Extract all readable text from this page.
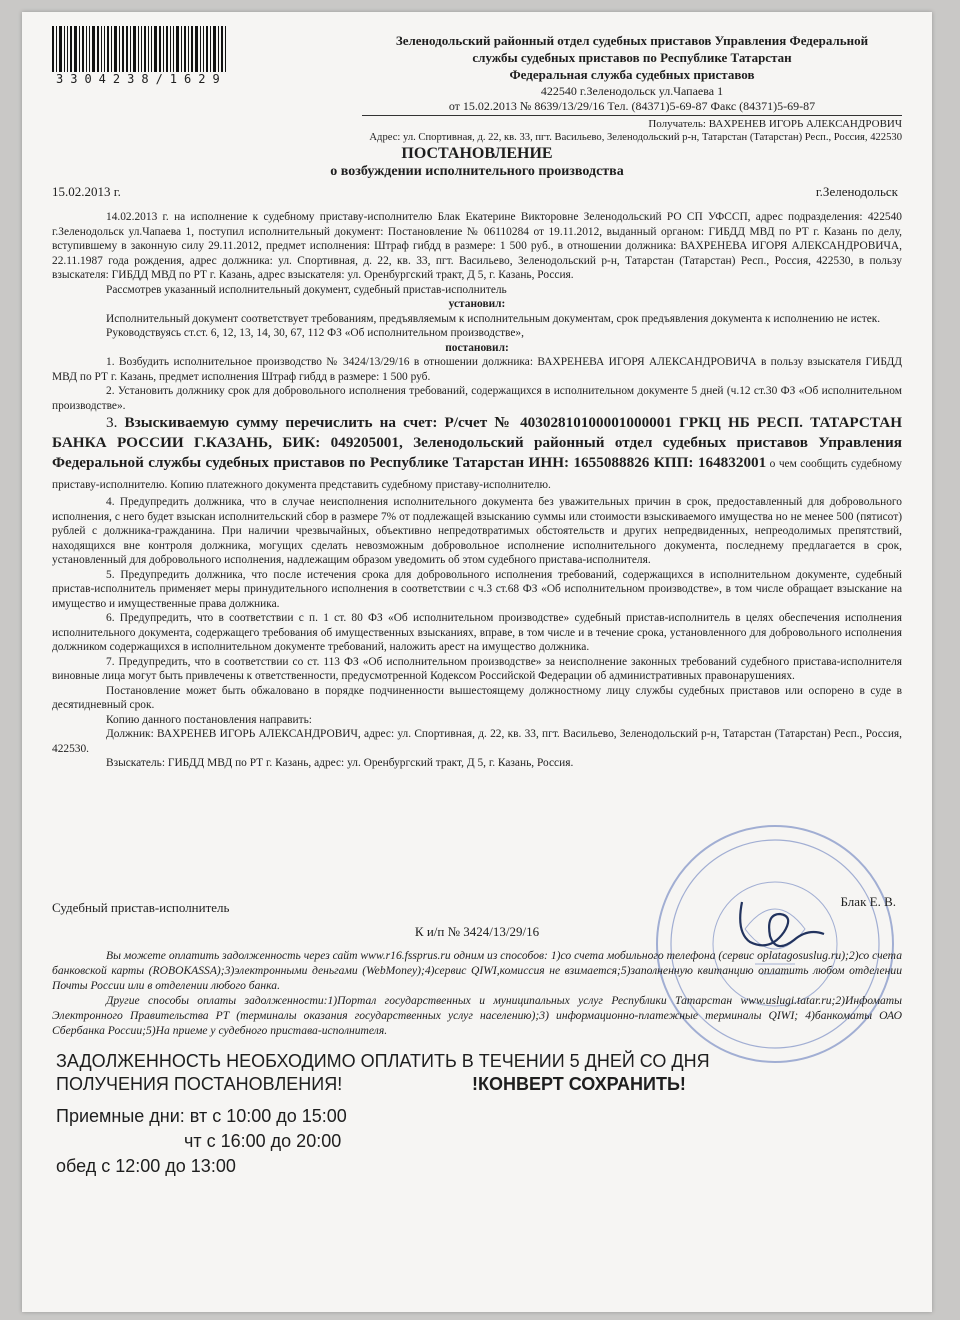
3304238/1629
Зеленодольский районный отдел судебных приставов Управления Федеральной
службы судебных приставов по Республике Татарстан
Федеральная служба судебных приставов
422540 г.Зеленодольск ул.Чапаева 1
от 15.02.2013 № 8639/13/29/16 Тел. (84371)5-69-87 Факс (84371)5-69-87
Получатель: ВАХРЕНЕВ ИГОРЬ АЛЕКСАНДРОВИЧ
Адрес: ул. Спортивная, д. 22, кв. 33, пгт. Васильево, Зеленодольский р-н, Татарстан (Татарстан) Респ., Россия, 422530
ПОСТАНОВЛЕНИЕ
о возбуждении исполнительного производства
15.02.2013 г.	г.Зеленодольск

14.02.2013 г. на исполнение к судебному приставу-исполнителю Блак Екатерине Викторовне Зеленодольский РО СП УФССП, адрес подразделения: 422540 г.Зеленодольск ул.Чапаева 1, поступил исполнительный документ: Постановление № 06110284 от 19.11.2012, выданный органом: ГИБДД МВД по РТ г. Казань по делу, вступившему в законную силу 29.11.2012, предмет исполнения: Штраф гибдд в размере: 1 500 руб., в отношении должника: ВАХРЕНЕВА ИГОРЯ АЛЕКСАНДРОВИЧА, 22.11.1987 года рождения, адрес должника: ул. Спортивная, д. 22, кв. 33, пгт. Васильево, Зеленодольский р-н, Татарстан (Татарстан) Респ., Россия, 422530, в пользу взыскателя: ГИБДД МВД по РТ г. Казань, адрес взыскателя: ул. Оренбургский тракт, Д 5, г. Казань, Россия.

Рассмотрев указанный исполнительный документ, судебный пристав-исполнитель

установил:

Исполнительный документ соответствует требованиям, предъявляемым к исполнительным документам, срок предъявления документа к исполнению не истек.

Руководствуясь ст.ст. 6, 12, 13, 14, 30, 67, 112 ФЗ «Об исполнительном производстве»,

постановил:

1. Возбудить исполнительное производство № 3424/13/29/16 в отношении должника: ВАХРЕНЕВА ИГОРЯ АЛЕКСАНДРОВИЧА в пользу взыскателя ГИБДД МВД по РТ г. Казань, предмет исполнения Штраф гибдд в размере: 1 500 руб.

2. Установить должнику срок для добровольного исполнения требований, содержащихся в исполнительном документе 5 дней (ч.12 ст.30 ФЗ «Об исполнительном производстве».

3. Взыскиваемую сумму перечислить на счет: Р/счет № 40302810100001000001 ГРКЦ НБ РЕСП. ТАТАРСТАН БАНКА РОССИИ Г.КАЗАНЬ, БИК: 049205001, Зеленодольский районный отдел судебных приставов Управления Федеральной службы судебных приставов по Республике Татарстан ИНН: 1655088826 КПП: 164832001 о чем сообщить судебному приставу-исполнителю. Копию платежного документа представить судебному приставу-исполнителю.

4. Предупредить должника, что в случае неисполнения исполнительного документа без уважительных причин в срок, предоставленный для добровольного исполнения, с него будет взыскан исполнительский сбор в размере 7% от подлежащей взысканию суммы или стоимости взыскиваемого имущества но не менее 500 (пятисот) рублей с должника-гражданина. При наличии чрезвычайных, объективно непредотвратимых обстоятельств и других непредвиденных, непреодолимых препятствий, находящихся вне контроля должника, могущих сделать невозможным добровольное исполнение исполнительного документа, последнему предлагается в срок, установленный для добровольного исполнения, надлежащим образом уведомить об этом судебного пристава-исполнителя.

5. Предупредить должника, что после истечения срока для добровольного исполнения требований, содержащихся в исполнительном документе, судебный пристав-исполнитель применяет меры принудительного исполнения в соответствии с ч.3 ст.68 ФЗ «Об исполнительном производстве», в том числе обращает взыскание на имущество и имущественные права должника.

6. Предупредить, что в соответствии с п. 1 ст. 80 ФЗ «Об исполнительном производстве» судебный пристав-исполнитель в целях обеспечения исполнения исполнительного документа, содержащего требования об имущественных взысканиях, вправе, в том числе и в течение срока, установленного для добровольного исполнения должником содержащихся в исполнительном документе требований, наложить арест на имущество должника.

7. Предупредить, что в соответствии со ст. 113 ФЗ «Об исполнительном производстве» за неисполнение законных требований судебного пристава-исполнителя виновные лица могут быть привлечены к ответственности, предусмотренной Кодексом Российской Федерации об административных правонарушениях.

Постановление может быть обжаловано в порядке подчиненности вышестоящему должностному лицу службы судебных приставов или оспорено в суде в десятидневный срок.

Копию данного постановления направить:

Должник: ВАХРЕНЕВ ИГОРЬ АЛЕКСАНДРОВИЧ, адрес: ул. Спортивная, д. 22, кв. 33, пгт. Васильево, Зеленодольский р-н, Татарстан (Татарстан) Респ., Россия, 422530.

Взыскатель: ГИБДД МВД по РТ г. Казань, адрес: ул. Оренбургский тракт, Д 5, г. Казань, Россия.

Судебный пристав-исполнитель	Блак Е. В.
К и/п № 3424/13/29/16

Вы можете оплатить задолженность через сайт www.r16.fssprus.ru одним из способов: 1)со счета мобильного телефона (сервис oplatagosuslug.ru);2)со счета банковской карты (ROBOKASSA);3)электронными деньгами (WebMoney);4)сервис QIWI,комиссия не взимается;5)заполненную квитанцию оплатить любом отделении Почты России или в отделении любого банка.

Другие способы оплаты задолженности:1)Портал государственных и муниципальных услуг Республики Татарстан www.uslugi.tatar.ru;2)Инфоматы Электронного Правительства РТ (терминалы оказания государственных услуг населению);3) информационно-платежные терминалы QIWI; 4)банкоматы ОАО Сбербанка России;5)На приеме у судебного пристава-исполнителя.

ЗАДОЛЖЕННОСТЬ НЕОБХОДИМО ОПЛАТИТЬ В ТЕЧЕНИИ 5 ДНЕЙ СО ДНЯ
ПОЛУЧЕНИЯ ПОСТАНОВЛЕНИЯ!	!КОНВЕРТ СОХРАНИТЬ!
Приемные дни: вт с 10:00 до 15:00
чт с 16:00 до 20:00
обед с 12:00 до 13:00
